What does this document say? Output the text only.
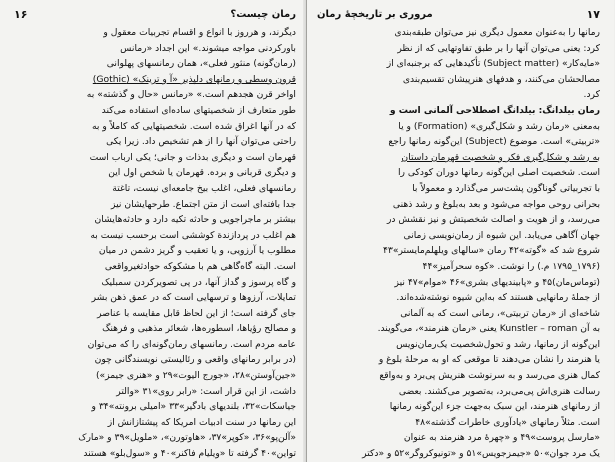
۱۶	رمان چیست؟
دیگرند، و هرروز با انواع و اقسام تجربیات معقول و
باورکردنی مواجه میشوند.» این اجداد «رمانس
(رمان‌گونه) منثور فعلی»، همان رمانسهای پهلوانی
قرون وسطی و رمانهای دلپذیر «آ و ترینک» (Gothic)
اواخر قرن هجدهم است.» «رمانس «حال و گذشته» به
طور متعارف از شخصیتهای ساده‌ای استفاده می‌کند
که در آنها اغراق شده است. شخصیتهایی که کاملاً و به
راحتی می‌توان آنها را از هم تشخیص داد. زیرا یکی
قهرمان است و دیگری بدذات و جانی؛ یکی ارباب است
و دیگری قربانی و برده. قهرمان یا شخص اول این
رمانسهای فعلی، اغلب بیخ جامعه‌ای نیست، تاغتة
جدا بافته‌ای است از متن اجتماع. طرحهایشان نیز
بیشتر بر ماجراجویی و حادثه تکیه دارد و حادثه‌هایشان
هم اغلب در پردازندة کوششی است برحسب نیست به
مطلوب یا آرزویی، و یا تعقیب و گریز دشمن در میان
است. البته گاه‌گاهی هم با مشکوکه‌ حوادثغیرواقعی
و گاه پرسوز و گداز آنها، در پی تصویرکردن سمبلیک
تمایلات، آرزوها و ترسهایی است که در عمق ذهن بشر
جای گرفته است؛ از این لحاظ قابل مقایسه با عناصر
و مصالح رؤیاها، اسطوره‌ها، شعائر مذهبی و فرهنگ
عامه مردم است. رمانسهای رمان‌گونه‌ای را که می‌توان
(در برابر رمانهای واقعی و رئالیستی نویسندگانی چون
«جین‌آوستن»۲۸، «جورج الیوت»۲۹ و «هنری جیمز»)
داشت، از این قرار است: «رابر روی»۳۱ «والتر
جیاسکات»۳۲، بلندیهای بادگیر»۳۳ «امیلی برونته»۳۴ و
این رمانها در سنت ادبیات امریکا که پیشتازانش از
«آلن‌پو»۳۶، «کوپر»۳۷، «هاوتورن»، «ملویل»۳۹ و «مارک
تواین»۴۰ گرفته تا «ویلیام فاکنر»۴۰ و «سول‌بلو» هستند
مروری بر تاریخچهٔ رمان	۱۷
رمانها را به‌عنوان معمول دیگری نیز می‌توان طبقه‌بندی
کرد: یعنی می‌توان آنها را بر طبق تفاوتهایی که از نظر
«مایه‌کار» (Subject matter) تأکیدهایی که برجنبه‌ای از
مصالحشان می‌کنند، و هدفهای هنرپیشان تقسیم‌بندی
کرد.
رمان بیلدانگ: بیلدانگ اصطلاحی آلمانی است و
به‌معنی «رمان رشد و شکل‌گیری» (Formation) و یا
«تربیتی» است. موضوع (Subject) این‌گونه رمانها راجع
به رشد و شکل‌گیری فکر و شخصیت قهرمان داستان
است. شخصیت اصلی این‌گونه رمانها دوران کودکی را
با تجربیاتی گوناگون پشت‌سر می‌گذارد و معمولاً با
بحرانی روحی مواجه می‌شود و بعد به‌بلوغ و رشد ذهنی
می‌رسد، و از هویت و اصالت شخصیتش و نیز نقشش در
جهان آگاهی می‌یابد. این شیوه از رمان‌نویسی زمانی
شروع شد که «گوته»۴۲ رمان «سالهای ویلهلم‌مایستر»۴۳
(۱۷۹۶_۱۷۹۵ م.) را نوشت. «کوه سحرآمیز»۴۴
(توماس‌مان)۴۵ و «پابیندیهای بشری»۴۶ «موام»۴۷ نیز
از جملهٔ رمانهایی هستند که به‌این شیوه نوشته‌شده‌اند.
شاخه‌ای از «رمان تربیتی»، رمانی است که به آلمانی
به آن Kunstler – roman یعنی «رمان هنرمند»، می‌گویند.
این‌گونه از رمانها، رشد و تحول‌شخصیت یک‌رمان‌نویس
یا هنرمند را نشان می‌دهند تا موقعی که او به مرحلهٔ بلوغ و
کمال هنری می‌رسد و به سرنوشت هنریش پی‌برد و به‌واقع
رسالت هنری‌اش پی‌می‌برد، به‌تصویر می‌کشند. بعضی
از رمانهای هنرمند، این سبک به‌جهت جزء این‌گونه رمانها
است. مثلاً رمانهای «یادآوری خاطرات گذشته»۴۸
«مارسل پروست»۴۹ و «چهرهٔ مرد هنرمند به عنوان
یک مرد جوان»۵۰ «جیمزجویس»۵۱ و «تونیوکروگر»۵۲ و «دکتر
